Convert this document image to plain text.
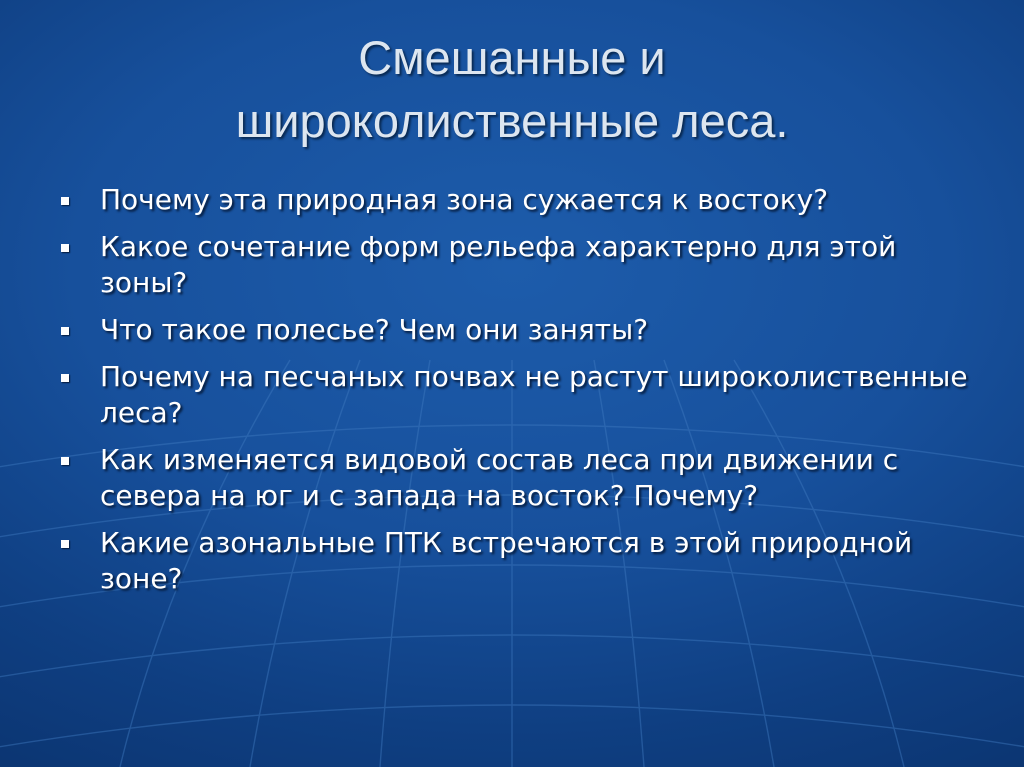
Смешанные и
широколиственные леса.
Почему эта природная зона сужается к востоку?
Какое сочетание форм рельефа характерно для этой зоны?
Что такое полесье? Чем они заняты?
Почему на песчаных почвах не растут широколиственные леса?
Как изменяется видовой состав леса при движении с севера на юг и с запада на восток? Почему?
Какие азональные ПТК встречаются в этой природной зоне?
